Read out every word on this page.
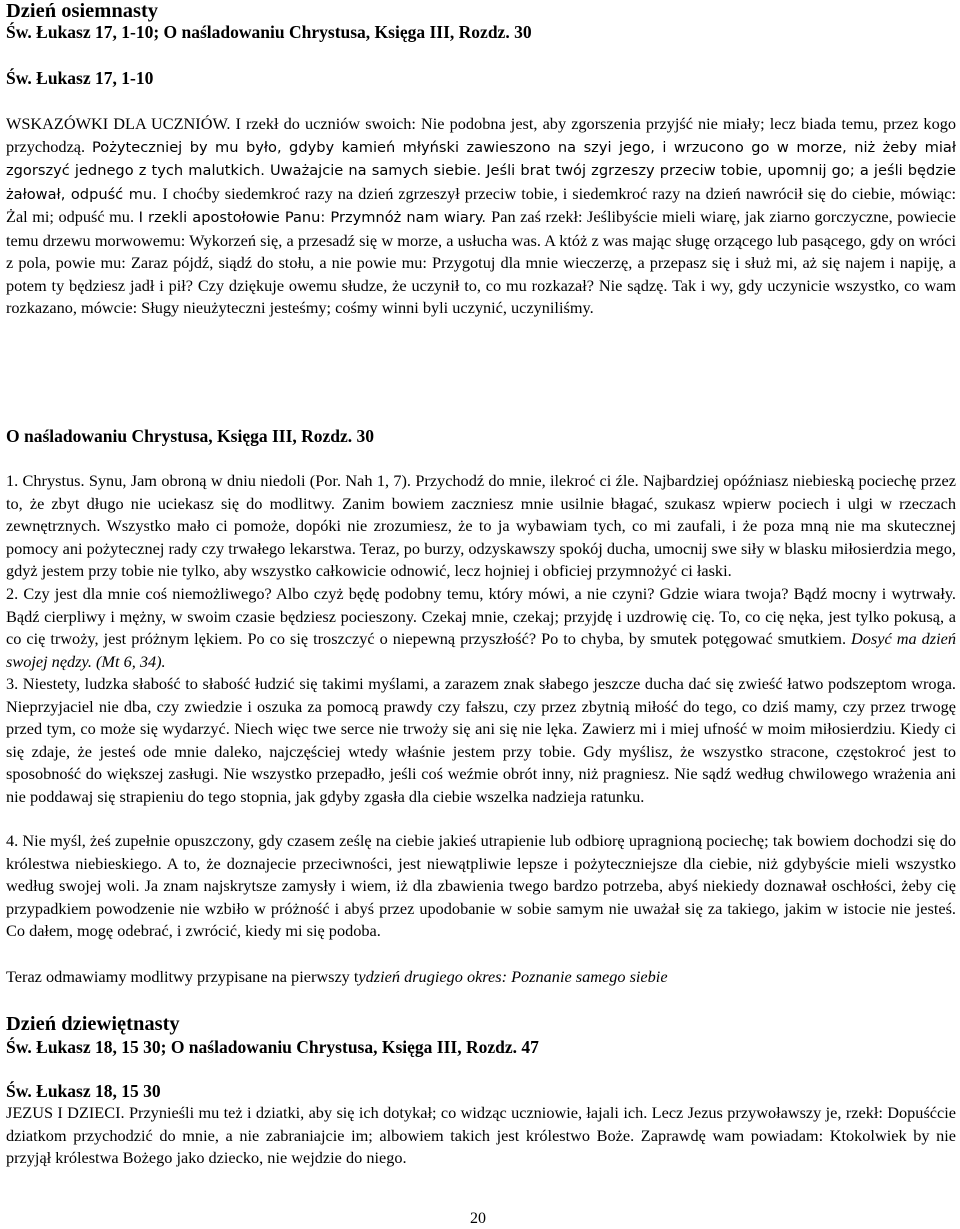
Dzień osiemnasty
Św. Łukasz 17, 1-10; O naśladowaniu Chrystusa, Księga III, Rozdz. 30
Św. Łukasz 17, 1-10
WSKAZÓWKI DLA UCZNIÓW. I rzekł do uczniów swoich: Nie podobna jest, aby zgorszenia przyjść nie miały; lecz biada temu, przez kogo przychodzą. Pożyteczniej by mu było, gdyby kamień młyński zawieszono na szyi jego, i wrzucono go w morze, niż żeby miał zgorszyć jednego z tych malutkich. Uważajcie na samych siebie. Jeśli brat twój zgrzeszy przeciw tobie, upomnij go; a jeśli będzie żałował, odpuść mu. I choćby siedemkroć razy na dzień zgrzeszył przeciw tobie, i siedemkroć razy na dzień nawrócił się do ciebie, mówiąc: Żal mi; odpuść mu. I rzekli apostołowie Panu: Przymnóż nam wiary. Pan zaś rzekł: Jeślibyście mieli wiarę, jak ziarno gorczyczne, powiecie temu drzewu morwowemu: Wykorzeń się, a przesadź się w morze, a usłucha was. A któż z was mając sługę orzącego lub pasącego, gdy on wróci z pola, powie mu: Zaraz pójdź, siądź do stołu, a nie powie mu: Przygotuj dla mnie wieczerzę, a przepasz się i służ mi, aż się najem i napiję, a potem ty będziesz jadł i pił? Czy dziękuje owemu słudze, że uczynił to, co mu rozkazał? Nie sądzę. Tak i wy, gdy uczynicie wszystko, co wam rozkazano, mówcie: Sługy nieużyteczni jesteśmy; cośmy winni byli uczynić, uczyniliśmy.
O naśladowaniu Chrystusa, Księga III, Rozdz. 30
1. Chrystus. Synu, Jam obroną w dniu niedoli (Por. Nah 1, 7). Przychodź do mnie, ilekroć ci źle. Najbardziej opóźniasz niebieską pociechę przez to, że zbyt długo nie uciekasz się do modlitwy. Zanim bowiem zaczniesz mnie usilnie błagać, szukasz wpierw pociech i ulgi w rzeczach zewnętrznych. Wszystko mało ci pomoże, dopóki nie zrozumiesz, że to ja wybawiam tych, co mi zaufali, i że poza mną nie ma skutecznej pomocy ani pożytecznej rady czy trwałego lekarstwa. Teraz, po burzy, odzyskawszy spokój ducha, umocnij swe siły w blasku miłosierdzia mego, gdyż jestem przy tobie nie tylko, aby wszystko całkowicie odnowić, lecz hojniej i obficiej przymnożyć ci łaski.
2. Czy jest dla mnie coś niemożliwego? Albo czyż będę podobny temu, który mówi, a nie czyni? Gdzie wiara twoja? Bądź mocny i wytrwały. Bądź cierpliwy i mężny, w swoim czasie będziesz pocieszony. Czekaj mnie, czekaj; przyjdę i uzdrowię cię. To, co cię nęka, jest tylko pokusą, a co cię trwoży, jest próżnym lękiem. Po co się troszczyć o niepewną przyszłość? Po to chyba, by smutek potęgować smutkiem. Dosyć ma dzień swojej nędzy. (Mt 6, 34).
3. Niestety, ludzka słabość to słabość łudzić się takimi myślami, a zarazem znak słabego jeszcze ducha dać się zwieść łatwo podszeptom wroga. Nieprzyjaciel nie dba, czy zwiedzie i oszuka za pomocą prawdy czy fałszu, czy przez zbytnią miłość do tego, co dziś mamy, czy przez trwogę przed tym, co może się wydarzyć. Niech więc twe serce nie trwoży się ani się nie lęka. Zawierz mi i miej ufność w moim miłosierdziu. Kiedy ci się zdaje, że jesteś ode mnie daleko, najczęściej wtedy właśnie jestem przy tobie. Gdy myślisz, że wszystko stracone, częstokroć jest to sposobność do większej zasługi. Nie wszystko przepadło, jeśli coś weźmie obrót inny, niż pragniesz. Nie sądź według chwilowego wrażenia ani nie poddawaj się strapieniu do tego stopnia, jak gdyby zgasła dla ciebie wszelka nadzieja ratunku.
4. Nie myśl, żeś zupełnie opuszczony, gdy czasem ześlę na ciebie jakieś utrapienie lub odbiorę upragnioną pociechę; tak bowiem dochodzi się do królestwa niebieskiego. A to, że doznajecie przeciwności, jest niewątpliwie lepsze i pożyteczniejsze dla ciebie, niż gdybyście mieli wszystko według swojej woli. Ja znam najskrytsze zamysły i wiem, iż dla zbawienia twego bardzo potrzeba, abyś niekiedy doznawał oschłości, żeby cię przypadkiem powodzenie nie wzbiło w próżność i abyś przez upodobanie w sobie samym nie uważał się za takiego, jakim w istocie nie jesteś. Co dałem, mogę odebrać, i zwrócić, kiedy mi się podoba.
Teraz odmawiamy modlitwy przypisane na pierwszy tydzień drugiego okres: Poznanie samego siebie
Dzień dziewiętnasty
Św. Łukasz 18, 15 30; O naśladowaniu Chrystusa, Księga III, Rozdz. 47
Św. Łukasz 18, 15 30
JEZUS I DZIECI. Przynieśli mu też i dziatki, aby się ich dotykał; co widząc uczniowie, łajali ich. Lecz Jezus przywoławszy je, rzekł: Dopuśćcie dziatkom przychodzić do mnie, a nie zabraniajcie im; albowiem takich jest królestwo Boże. Zaprawdę wam powiadam: Ktokolwiek by nie przyjął królestwa Bożego jako dziecko, nie wejdzie do niego.
20
